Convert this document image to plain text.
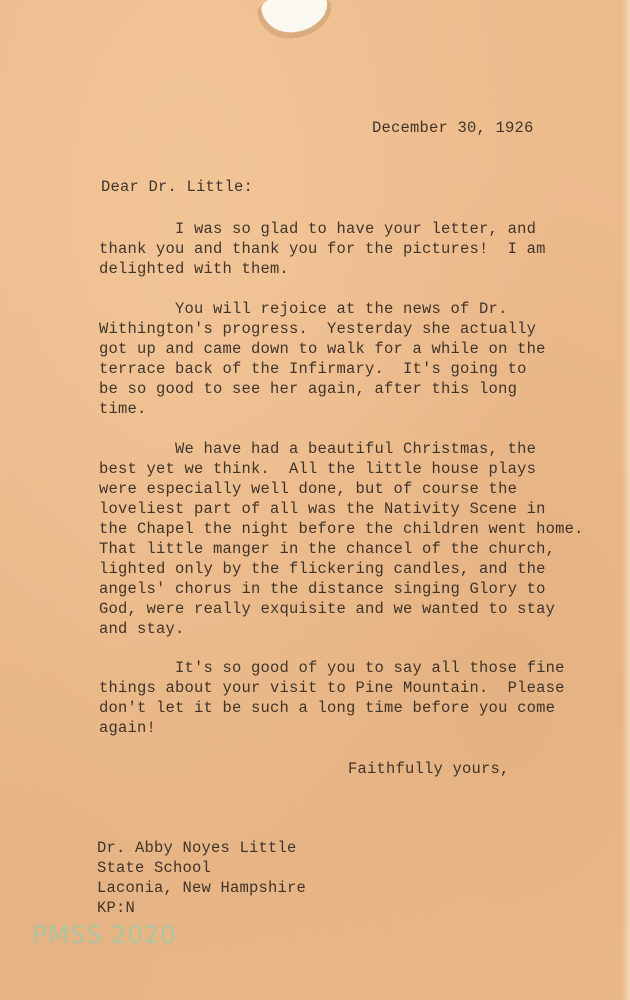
December 30, 1926
Dear Dr. Little:
I was so glad to have your letter, and
thank you and thank you for the pictures!  I am
delighted with them.
You will rejoice at the news of Dr.
Withington's progress.  Yesterday she actually
got up and came down to walk for a while on the
terrace back of the Infirmary.  It's going to
be so good to see her again, after this long
time.
We have had a beautiful Christmas, the
best yet we think.  All the little house plays
were especially well done, but of course the
loveliest part of all was the Nativity Scene in
the Chapel the night before the children went home.
That little manger in the chancel of the church,
lighted only by the flickering candles, and the
angels' chorus in the distance singing Glory to
God, were really exquisite and we wanted to stay
and stay.
It's so good of you to say all those fine
things about your visit to Pine Mountain.  Please
don't let it be such a long time before you come
again!
Faithfully yours,
Dr. Abby Noyes Little
State School
Laconia, New Hampshire
KP:N
PMSS 2020
